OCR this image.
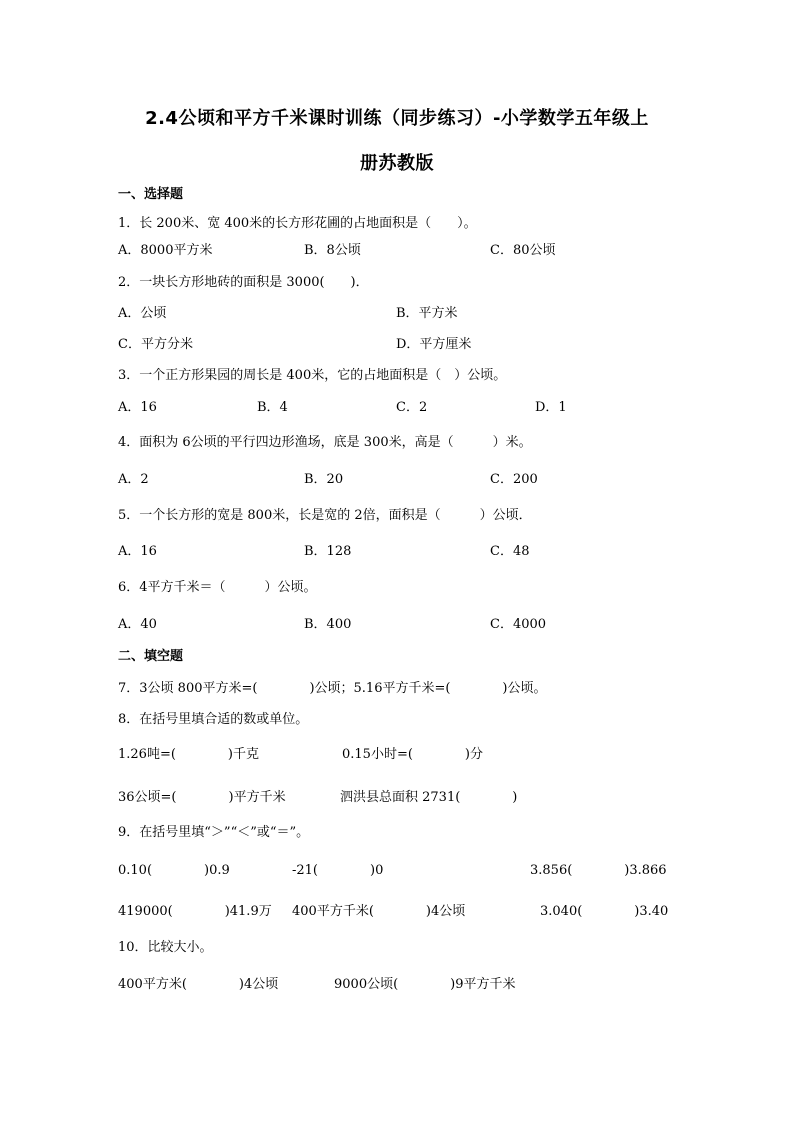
2.4公顷和平方千米课时训练（同步练习）-小学数学五年级上
册苏教版
一、选择题
1．长 200米、宽 400米的长方形花圃的占地面积是（　　）。
A．8000平方米	B．8公顷	C．80公顷
2．一块长方形地砖的面积是 3000(　　)．
A．公顷	B．平方米
C．平方分米	D．平方厘米
3．一个正方形果园的周长是 400米，它的占地面积是（　）公顷。
A．16	B．4	C．2	D．1
4．面积为 6公顷的平行四边形渔场，底是 300米，高是（　　　）米。
A．2	B．20	C．200
5．一个长方形的宽是 800米，长是宽的 2倍，面积是（　　　）公顷．
A．16	B．128	C．48
6．4平方千米＝（　　　）公顷。
A．40	B．400	C．4000
二、填空题
7．3公顷 800平方米=(　　　　)公顷；5.16平方千米=(　　　　)公顷。
8．在括号里填合适的数或单位。
1.26吨=(　　　　)千克	0.15小时=(　　　　)分
36公顷=(　　　　)平方千米	泗洪县总面积 2731(　　　　)
9．在括号里填“＞”“＜”或“＝”。
0.10(　　　　)0.9	-21(　　　　)0	3.856(　　　　)3.866
419000(　　　　)41.9万 400平方千米(　　　　)4公顷	3.040(　　　　)3.40
10．比较大小。
400平方米(　　　　)4公顷	9000公顷(　　　　)9平方千米
